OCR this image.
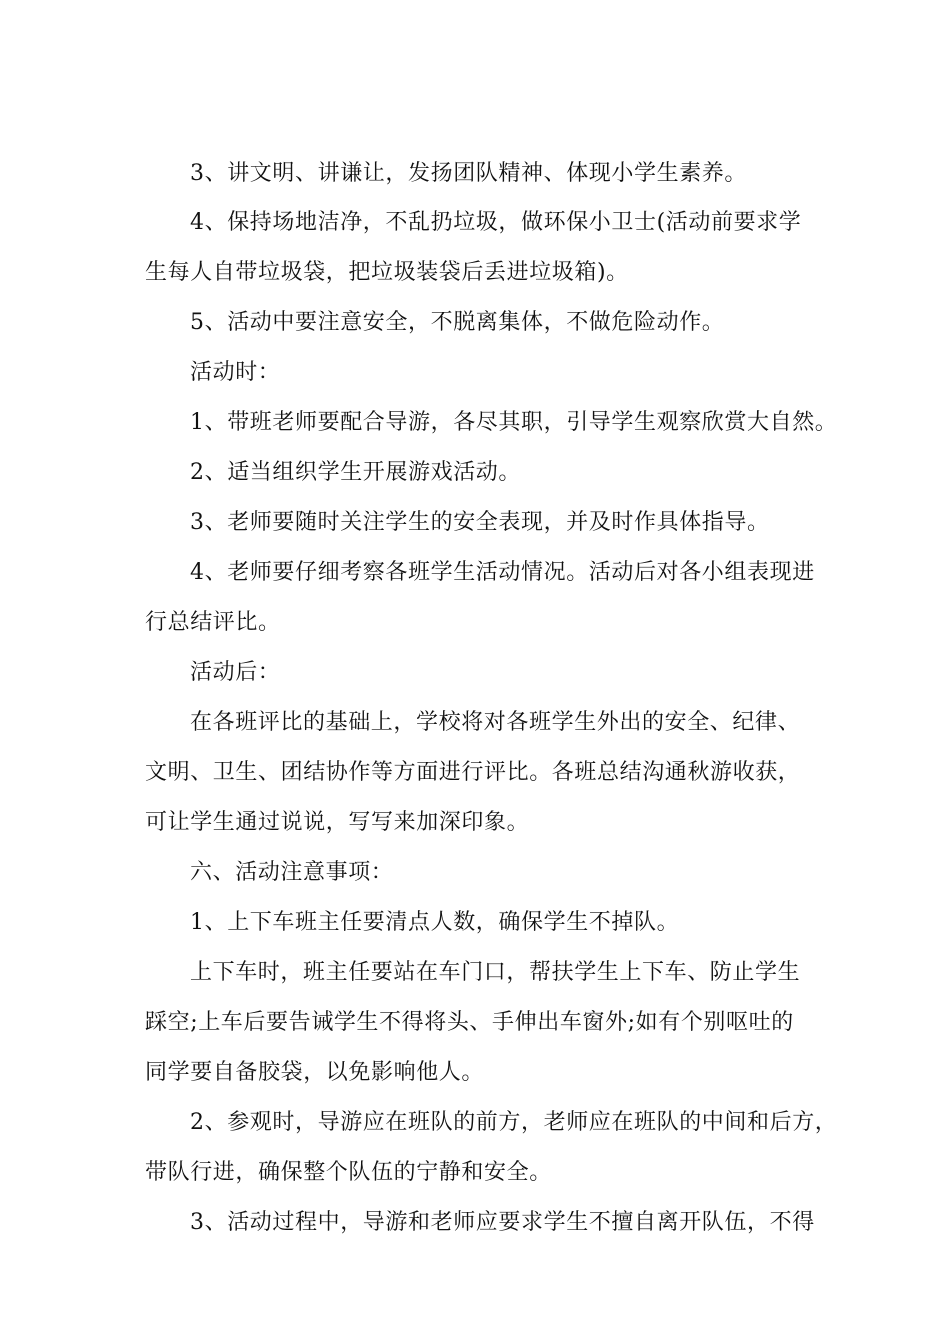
3、讲文明、讲谦让，发扬团队精神、体现小学生素养。

4、保持场地洁净，不乱扔垃圾，做环保小卫士(活动前要求学

生每人自带垃圾袋，把垃圾装袋后丢进垃圾箱)。

5、活动中要注意安全，不脱离集体，不做危险动作。

活动时：

1、带班老师要配合导游，各尽其职，引导学生观察欣赏大自然。

2、适当组织学生开展游戏活动。

3、老师要随时关注学生的安全表现，并及时作具体指导。

4、老师要仔细考察各班学生活动情况。活动后对各小组表现进

行总结评比。

活动后：

在各班评比的基础上，学校将对各班学生外出的安全、纪律、

文明、卫生、团结协作等方面进行评比。各班总结沟通秋游收获，

可让学生通过说说，写写来加深印象。

六、活动注意事项：

1、上下车班主任要清点人数，确保学生不掉队。

上下车时，班主任要站在车门口，帮扶学生上下车、防止学生

踩空;上车后要告诫学生不得将头、手伸出车窗外;如有个别呕吐的

同学要自备胶袋，以免影响他人。

2、参观时，导游应在班队的前方，老师应在班队的中间和后方，

带队行进，确保整个队伍的宁静和安全。

3、活动过程中，导游和老师应要求学生不擅自离开队伍，不得
